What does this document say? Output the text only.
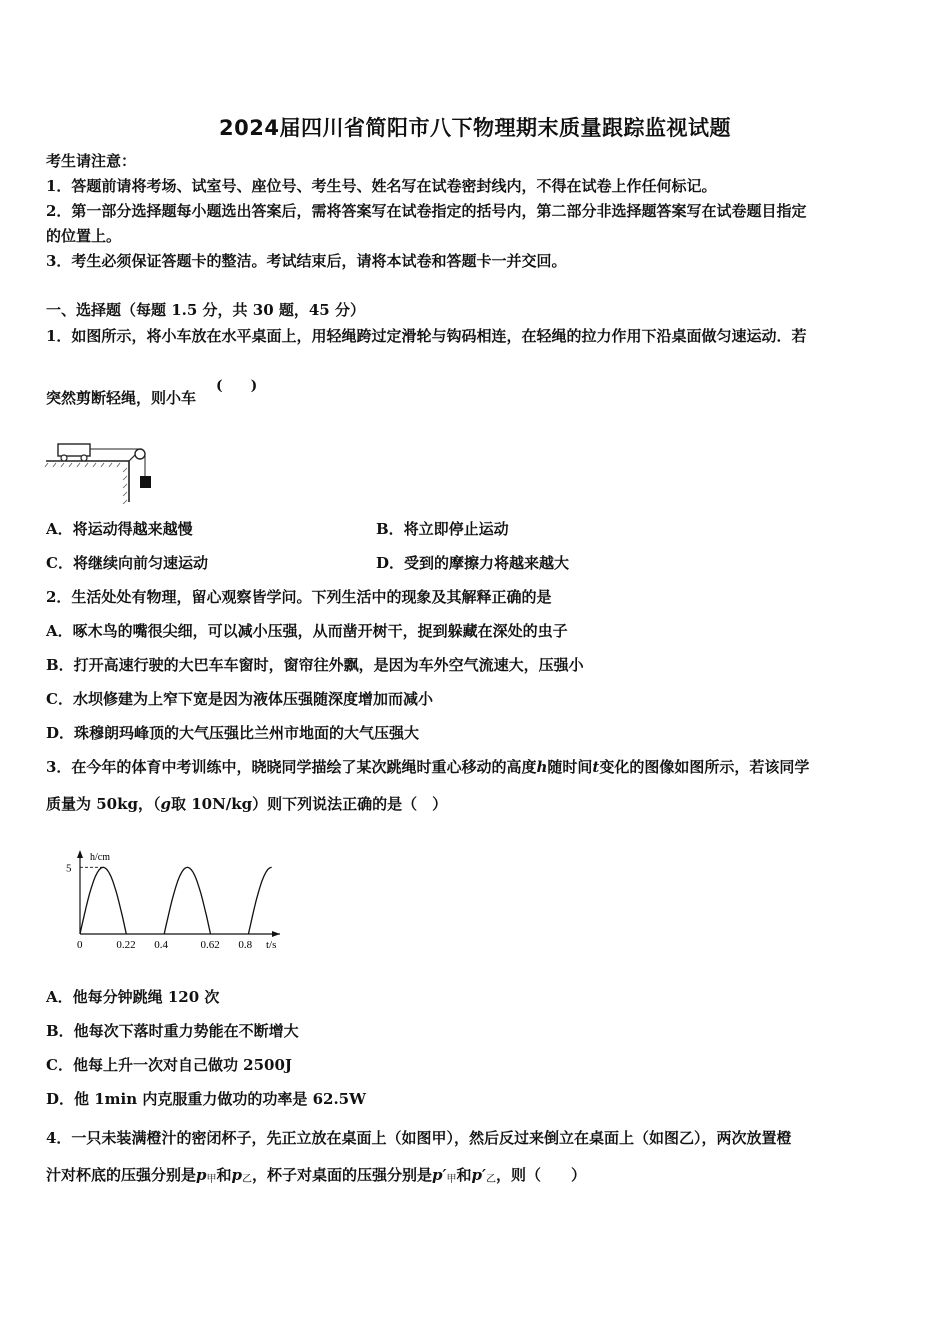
2024届四川省简阳市八下物理期末质量跟踪监视试题
考生请注意：
1．答题前请将考场、试室号、座位号、考生号、姓名写在试卷密封线内，不得在试卷上作任何标记。
2．第一部分选择题每小题选出答案后，需将答案写在试卷指定的括号内，第二部分非选择题答案写在试卷题目指定
的位置上。
3．考生必须保证答题卡的整洁。考试结束后，请将本试卷和答题卡一并交回。
一、选择题（每题 1.5 分，共 30 题，45 分）
1．如图所示，将小车放在水平桌面上，用轻绳跨过定滑轮与钩码相连，在轻绳的拉力作用下沿桌面做匀速运动．若
突然剪断轻绳，则小车
(　　)
A．将运动得越来越慢	B．将立即停止运动
C．将继续向前匀速运动	D．受到的摩擦力将越来越大
2．生活处处有物理，留心观察皆学问。下列生活中的现象及其解释正确的是
A．啄木鸟的嘴很尖细，可以减小压强，从而凿开树干，捉到躲藏在深处的虫子
B．打开高速行驶的大巴车车窗时，窗帘往外飘，是因为车外空气流速大，压强小
C．水坝修建为上窄下宽是因为液体压强随深度增加而减小
D．珠穆朗玛峰顶的大气压强比兰州市地面的大气压强大
3．在今年的体育中考训练中，晓晓同学描绘了某次跳绳时重心移动的高度h随时间t变化的图像如图所示，若该同学
质量为 50kg，（g取 10N/kg）则下列说法正确的是（　）
h/cm
t/s
5
0	0.22 0.4	0.62 0.8
A．他每分钟跳绳 120 次
B．他每次下落时重力势能在不断增大
C．他每上升一次对自己做功 2500J
D．他 1min 内克服重力做功的功率是 62.5W
4．一只未装满橙汁的密闭杯子，先正立放在桌面上（如图甲），然后反过来倒立在桌面上（如图乙），两次放置橙
汁对杯底的压强分别是$p_甲$和$p_乙$，杯子对桌面的压强分别是$p'_甲$和$p'_乙$，则（　　）
